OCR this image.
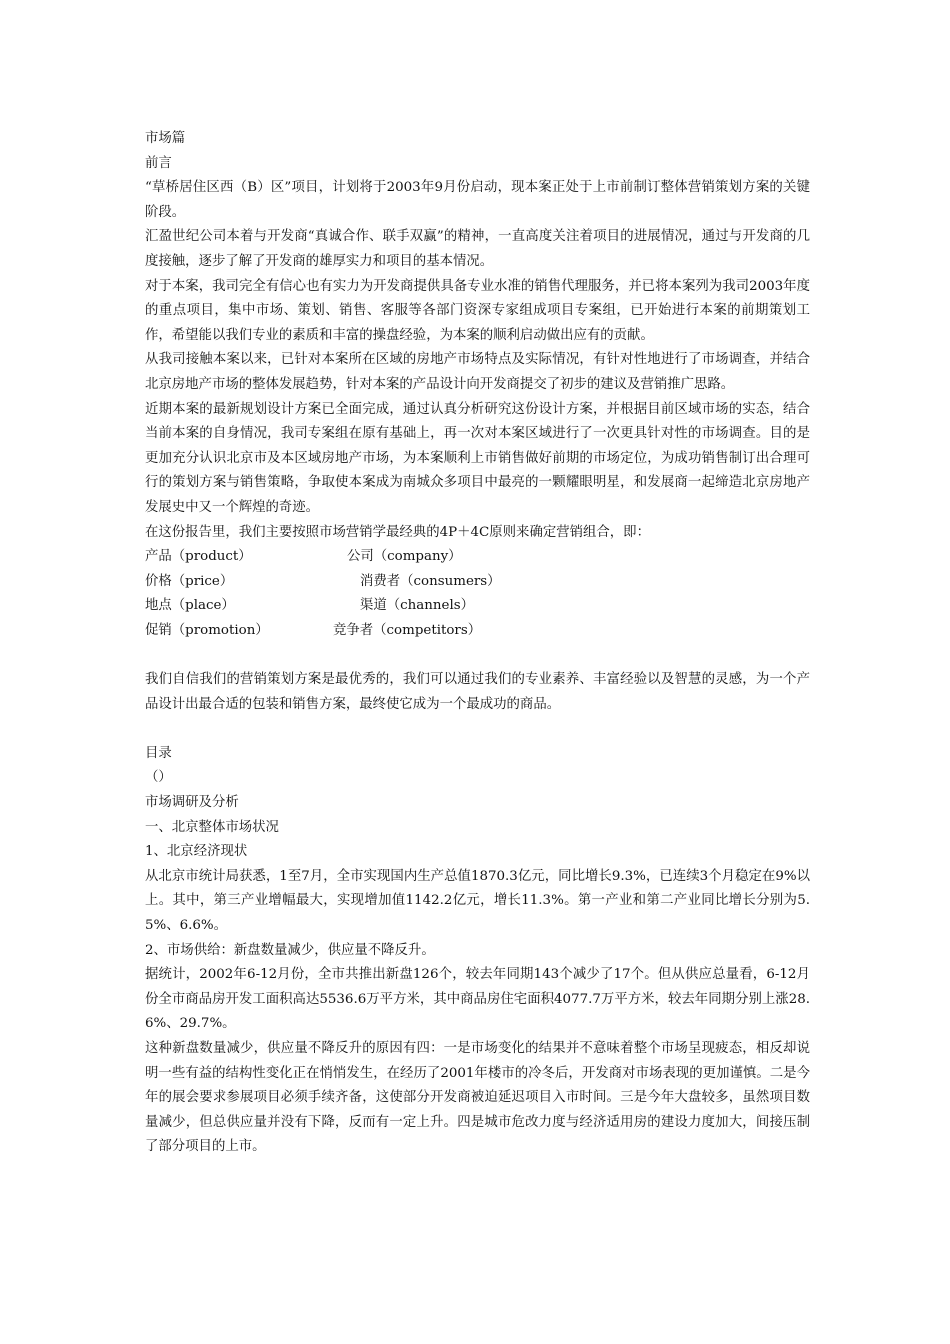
市场篇
前言
“草桥居住区西（B）区”项目，计划将于2003年9月份启动，现本案正处于上市前制订整体营销策划方案的关键阶段。
汇盈世纪公司本着与开发商“真诚合作、联手双赢”的精神，一直高度关注着项目的进展情况，通过与开发商的几度接触，逐步了解了开发商的雄厚实力和项目的基本情况。
对于本案，我司完全有信心也有实力为开发商提供具备专业水准的销售代理服务，并已将本案列为我司2003年度的重点项目，集中市场、策划、销售、客服等各部门资深专家组成项目专案组，已开始进行本案的前期策划工作，希望能以我们专业的素质和丰富的操盘经验，为本案的顺利启动做出应有的贡献。
从我司接触本案以来，已针对本案所在区域的房地产市场特点及实际情况，有针对性地进行了市场调查，并结合北京房地产市场的整体发展趋势，针对本案的产品设计向开发商提交了初步的建议及营销推广思路。
近期本案的最新规划设计方案已全面完成，通过认真分析研究这份设计方案，并根据目前区域市场的实态，结合当前本案的自身情况，我司专案组在原有基础上，再一次对本案区域进行了一次更具针对性的市场调查。目的是更加充分认识北京市及本区域房地产市场，为本案顺利上市销售做好前期的市场定位，为成功销售制订出合理可行的策划方案与销售策略，争取使本案成为南城众多项目中最亮的一颗耀眼明星，和发展商一起缔造北京房地产发展史中又一个辉煌的奇迹。
在这份报告里，我们主要按照市场营销学最经典的4P＋4C原则来确定营销组合，即：
产品（product）	公司（company）
价格（price）	消费者（consumers）
地点（place）	渠道（channels）
促销（promotion）	竞争者（competitors）
我们自信我们的营销策划方案是最优秀的，我们可以通过我们的专业素养、丰富经验以及智慧的灵感，为一个产品设计出最合适的包装和销售方案，最终使它成为一个最成功的商品。
目录
（）
市场调研及分析
一、北京整体市场状况
1、北京经济现状
从北京市统计局获悉，1至7月，全市实现国内生产总值1870.3亿元，同比增长9.3%，已连续3个月稳定在9%以上。其中，第三产业增幅最大，实现增加值1142.2亿元，增长11.3%。第一产业和第二产业同比增长分别为5.5%、6.6%。
2、市场供给：新盘数量减少，供应量不降反升。
据统计，2002年6-12月份，全市共推出新盘126个，较去年同期143个减少了17个。但从供应总量看，6-12月份全市商品房开发工面积高达5536.6万平方米，其中商品房住宅面积4077.7万平方米，较去年同期分别上涨28.6%、29.7%。
这种新盘数量减少，供应量不降反升的原因有四：一是市场变化的结果并不意味着整个市场呈现疲态，相反却说明一些有益的结构性变化正在悄悄发生，在经历了2001年楼市的冷冬后，开发商对市场表现的更加谨慎。二是今年的展会要求参展项目必须手续齐备，这使部分开发商被迫延迟项目入市时间。三是今年大盘较多，虽然项目数量减少，但总供应量并没有下降，反而有一定上升。四是城市危改力度与经济适用房的建设力度加大，间接压制了部分项目的上市。
